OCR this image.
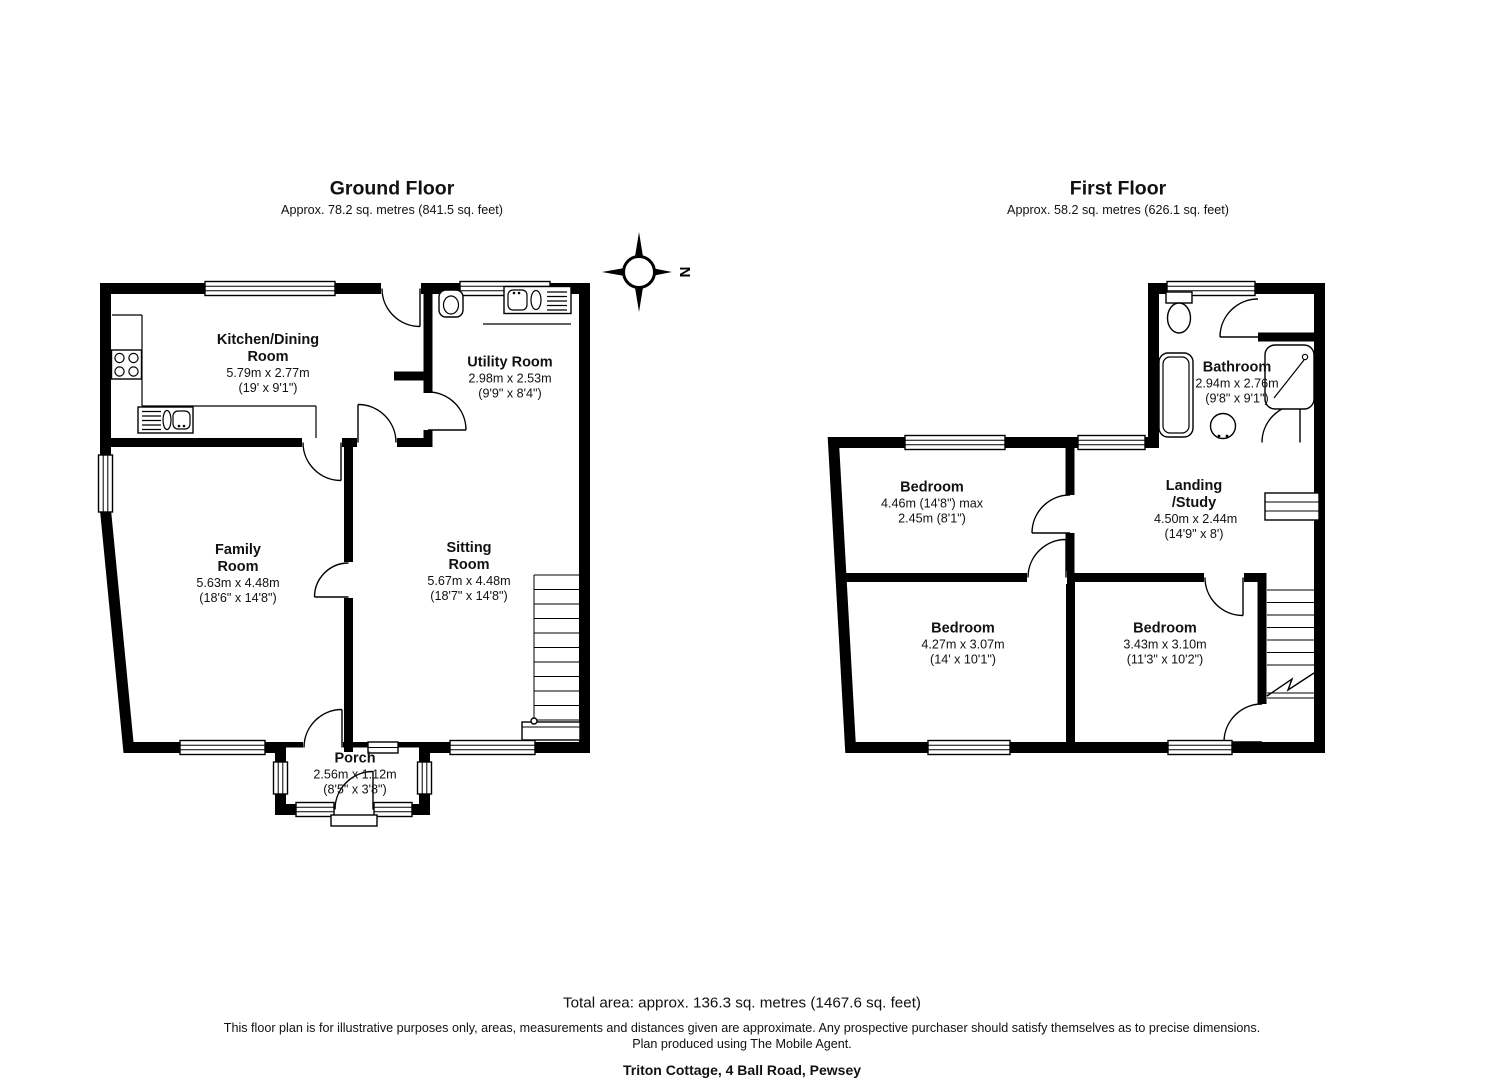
Ground Floor
Approx. 78.2 sq. metres (841.5 sq. feet)
First Floor
Approx. 58.2 sq. metres (626.1 sq. feet)
N
Kitchen/Dining Room
5.79m x 2.77m
(19' x 9'1")
Utility Room
2.98m x 2.53m
(9'9" x 8'4")
Family Room
5.63m x 4.48m
(18'6" x 14'8")
Sitting Room
5.67m x 4.48m
(18'7" x 14'8")
Porch
2.56m x 1.12m
(8'5" x 3'8")
Bathroom
2.94m x 2.76m
(9'8" x 9'1")
Bedroom
4.46m (14'8") max
2.45m (8'1")
Landing /Study
4.50m x 2.44m
(14'9" x 8')
Bedroom
4.27m x 3.07m
(14' x 10'1")
Bedroom
3.43m x 3.10m
(11'3" x 10'2")
Total area: approx. 136.3 sq. metres (1467.6 sq. feet)
This floor plan is for illustrative purposes only, areas, measurements and distances given are approximate. Any prospective purchaser should satisfy themselves as to precise dimensions.
Plan produced using The Mobile Agent.
Triton Cottage, 4 Ball Road, Pewsey
